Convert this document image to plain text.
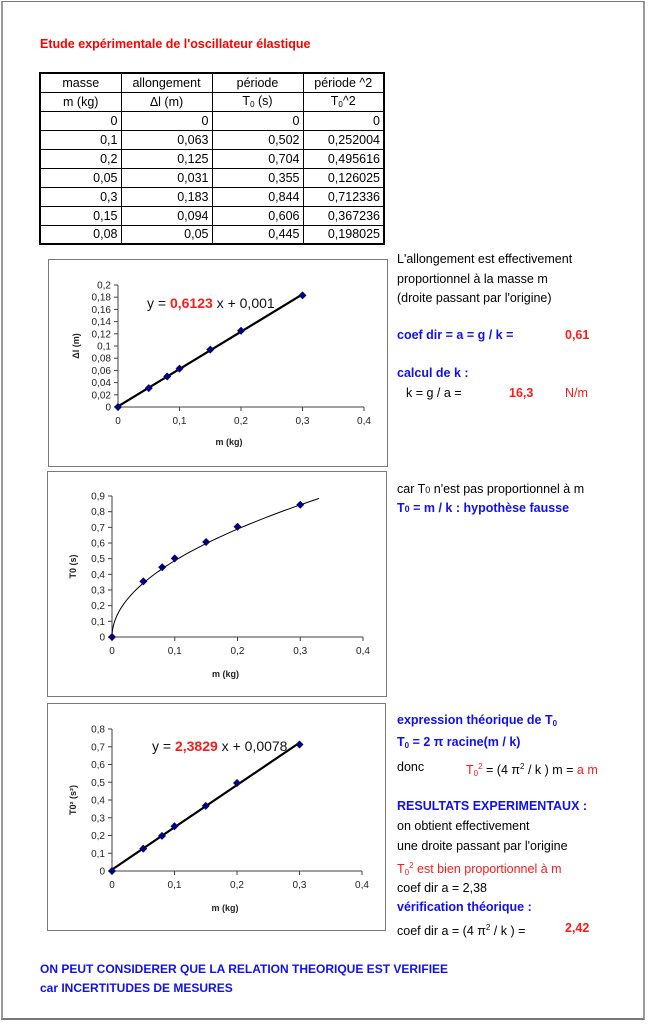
Etude expérimentale de l'oscillateur élastique
masse	allongement	période	période ^2
m (kg)	Δl (m)	$T_0$ (s)	$T_0\^{}2$
0	0	0	0
0,1	0,063	0,502	0,252004
0,2	0,125	0,704	0,495616
0,05	0,031	0,355	0,126025
0,3	0,183	0,844	0,712336
0,15	0,094	0,606	0,367236
0,08	0,05	0,445	0,198025
0
0,02
0,04
0,06
0,08
0,1
0,12
0,14
0,16
0,18
0,2
0	0,1	0,2	0,3	0,4
m (kg)
Δl (m)
y = 0,6123 x + 0,001
0
0,1
0,2
0,3
0,4
0,5
0,6
0,7
0,8
0,9
0	0,1	0,2	0,3	0,4
m (kg)
T0 (s)
0
0,1
0,2
0,3
0,4
0,5
0,6
0,7
0,8
0	0,1	0,2	0,3	0,4
m (kg)
T0² (s²)
y = 2,3829 x + 0,0078
L'allongement est effectivement
proportionnel à la masse m
(droite passant par l'origine)
coef dir = a = g / k =	0,61
calcul de k :
k = g / a =	16,3	N/m
car T0 n'est pas proportionnel à m
T0 = m / k : hypothèse fausse
expression théorique de $T_0$
$T_0 = 2$ π racine(m / k)
donc	$T_0^2 = (4$ $\pi^2$ / k ) m = a m
RESULTATS EXPERIMENTAUX :
on obtient effectivement
une droite passant par l'origine
$T_0^2$ est bien proportionnel à m
coef dir a = 2,38
vérification théorique :
coef dir a = (4 $\pi^2$ / k ) =	2,42
ON PEUT CONSIDERER QUE LA RELATION THEORIQUE EST VERIFIEE
car INCERTITUDES DE MESURES
